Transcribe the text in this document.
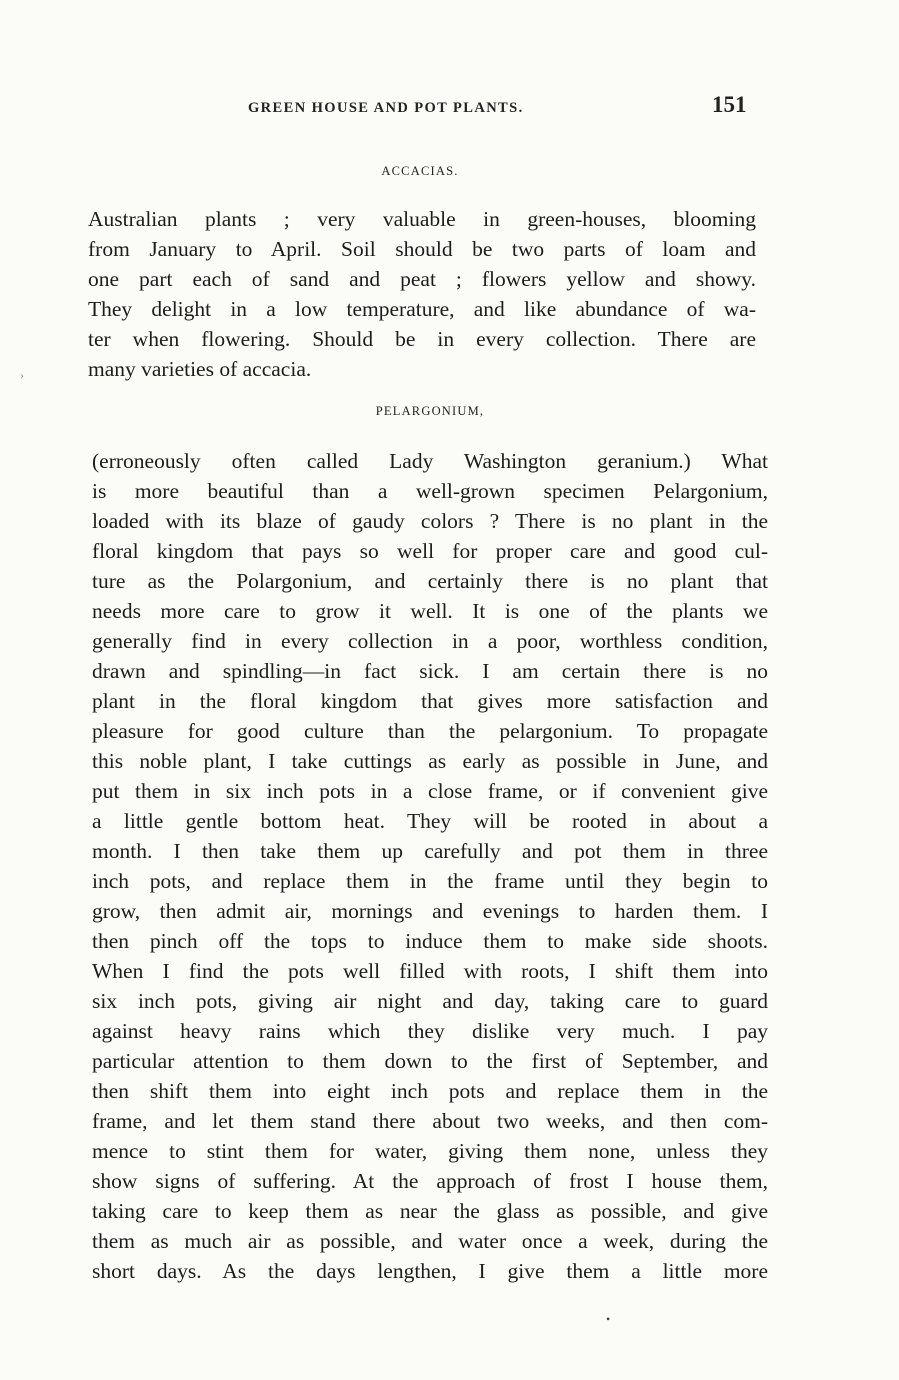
GREEN HOUSE AND POT PLANTS.	151
ACCACIAS.
Australian plants ; very valuable in green-houses, blooming
from January to April. Soil should be two parts of loam and
one part each of sand and peat ; flowers yellow and showy.
They delight in a low temperature, and like abundance of wa-
ter when flowering. Should be in every collection. There are
many varieties of accacia.
PELARGONIUM,
(erroneously often called Lady Washington geranium.) What
is more beautiful than a well-grown specimen Pelargonium,
loaded with its blaze of gaudy colors ? There is no plant in the
floral kingdom that pays so well for proper care and good cul-
ture as the Polargonium, and certainly there is no plant that
needs more care to grow it well. It is one of the plants we
generally find in every collection in a poor, worthless condition,
drawn and spindling—in fact sick. I am certain there is no
plant in the floral kingdom that gives more satisfaction and
pleasure for good culture than the pelargonium. To propagate
this noble plant, I take cuttings as early as possible in June, and
put them in six inch pots in a close frame, or if convenient give
a little gentle bottom heat. They will be rooted in about a
month. I then take them up carefully and pot them in three
inch pots, and replace them in the frame until they begin to
grow, then admit air, mornings and evenings to harden them. I
then pinch off the tops to induce them to make side shoots.
When I find the pots well filled with roots, I shift them into
six inch pots, giving air night and day, taking care to guard
against heavy rains which they dislike very much. I pay
particular attention to them down to the first of September, and
then shift them into eight inch pots and replace them in the
frame, and let them stand there about two weeks, and then com-
mence to stint them for water, giving them none, unless they
show signs of suffering. At the approach of frost I house them,
taking care to keep them as near the glass as possible, and give
them as much air as possible, and water once a week, during the
short days. As the days lengthen, I give them a little more
›
•
